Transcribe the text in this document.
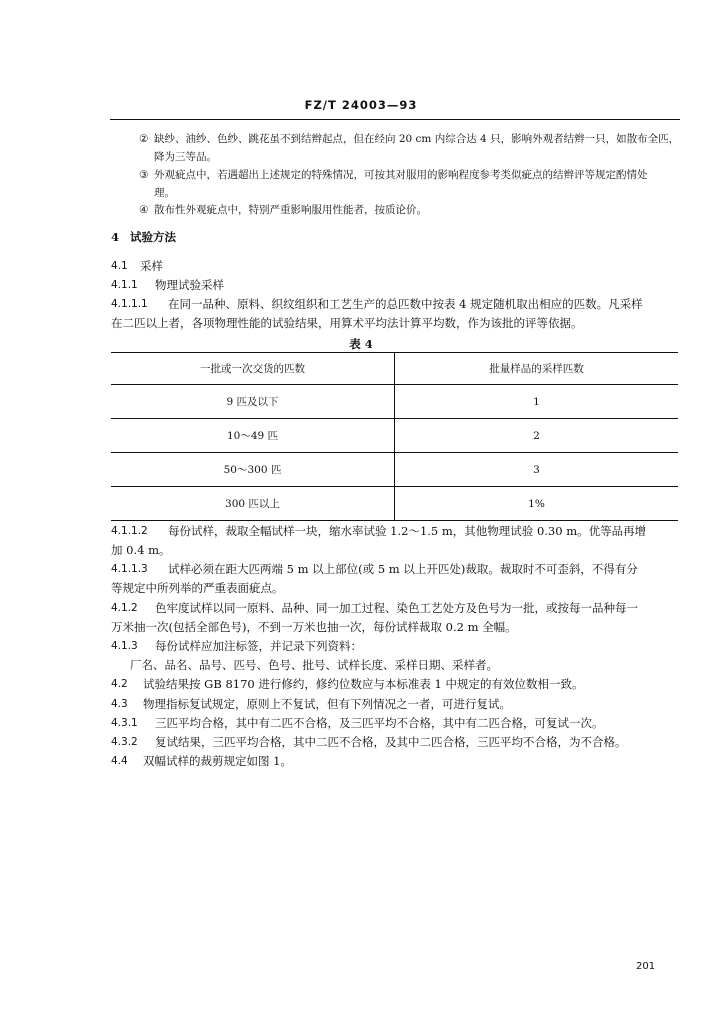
FZ/T 24003—93
② 缺纱、油纱、色纱、跳花虽不到结辫起点，但在经向 20 cm 内综合达 4 只，影响外观者结辫一只，如散布全匹，
降为三等品。
③ 外观疵点中，若遇超出上述规定的特殊情况，可按其对服用的影响程度参考类似疵点的结辫评等规定酌情处
理。
④ 散布性外观疵点中，特别严重影响服用性能者，按质论价。
4 试验方法
4.1 采样
4.1.1 物理试验采样
4.1.1.1 在同一品种、原料、织纹组织和工艺生产的总匹数中按表 4 规定随机取出相应的匹数。凡采样
在二匹以上者，各项物理性能的试验结果，用算术平均法计算平均数，作为该批的评等依据。
表 4
一批或一次交货的匹数	批量样品的采样匹数
9 匹及以下	1
10～49 匹	2
50～300 匹	3
300 匹以上	1%
4.1.1.2 每份试样，裁取全幅试样一块，缩水率试验 1.2～1.5 m，其他物理试验 0.30 m。优等品再增
加 0.4 m。
4.1.1.3 试样必须在距大匹两端 5 m 以上部位(或 5 m 以上开匹处)裁取。裁取时不可歪斜，不得有分
等规定中所列举的严重表面疵点。
4.1.2 色牢度试样以同一原料、品种、同一加工过程、染色工艺处方及色号为一批，或按每一品种每一
万米抽一次(包括全部色号)，不到一万米也抽一次，每份试样裁取 0.2 m 全幅。
4.1.3 每份试样应加注标签，并记录下列资料：
厂名、品名、品号、匹号、色号、批号、试样长度、采样日期、采样者。
4.2 试验结果按 GB 8170 进行修约，修约位数应与本标准表 1 中规定的有效位数相一致。
4.3 物理指标复试规定，原则上不复试，但有下列情况之一者，可进行复试。
4.3.1 三匹平均合格，其中有二匹不合格，及三匹平均不合格，其中有二匹合格，可复试一次。
4.3.2 复试结果，三匹平均合格，其中二匹不合格，及其中二匹合格，三匹平均不合格，为不合格。
4.4 双幅试样的裁剪规定如图 1。
201
